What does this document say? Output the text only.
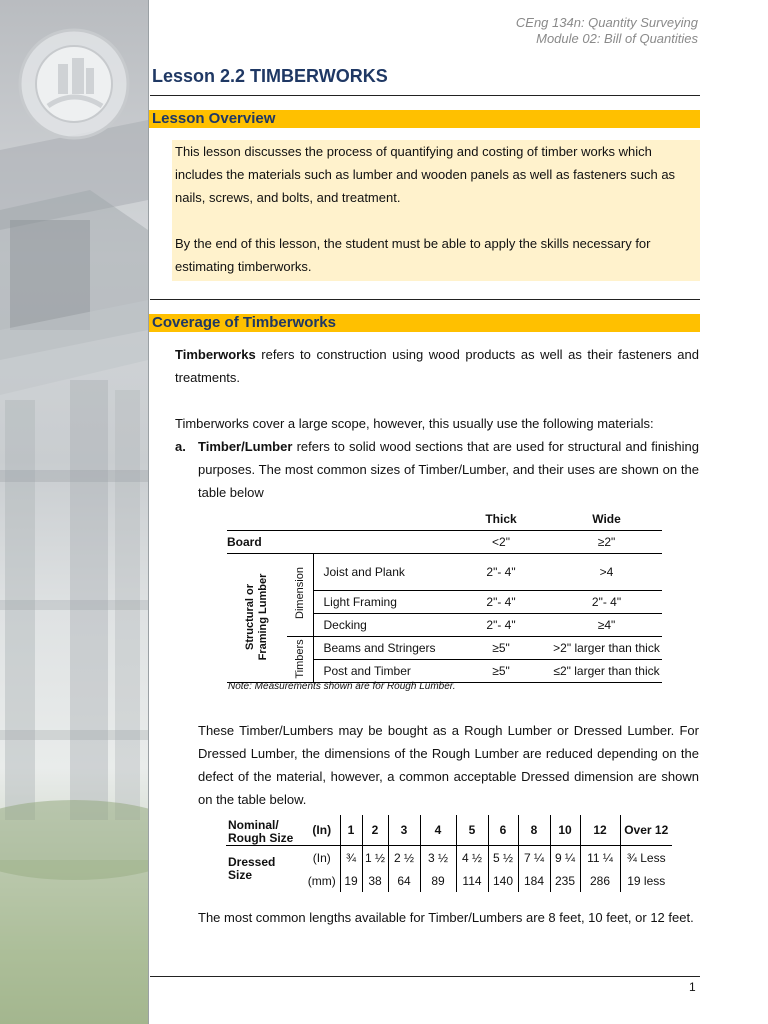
CEng 134n: Quantity Surveying
Module 02: Bill of Quantities
Lesson 2.2 TIMBERWORKS
Lesson Overview

This lesson discusses the process of quantifying and costing of timber works which includes the materials such as lumber and wooden panels as well as fasteners such as nails, screws, and bolts, and treatment.

By the end of this lesson, the student must be able to apply the skills necessary for estimating timberworks.

Coverage of Timberworks

Timberworks refers to construction using wood products as well as their fasteners and treatments.

Timberworks cover a large scope, however, this usually use the following materials:
a. Timber/Lumber refers to solid wood sections that are used for structural and finishing purposes. The most common sizes of Timber/Lumber, and their uses are shown on the table below

			Thick	Wide
Board			<2"	≥2"

Structural or Framing Lumber	Dimension	Joist and Plank	2"- 4"	>4
		Light Framing	2"- 4"	2"- 4"
		Decking	2"- 4"	≥4"

	Timbers	Beams and Stringers	≥5"	>2" larger than thick
		Post and Timber	≥5"	≤2" larger than thick
Note: Measurements shown are for Rough Lumber.
These Timber/Lumbers may be bought as a Rough Lumber or Dressed Lumber. For Dressed Lumber, the dimensions of the Rough Lumber are reduced depending on the defect of the material, however, a common acceptable Dressed dimension are shown on the table below.
Nominal/
Rough Size	(In)	1	2	3	4	5	6	8	10	12	Over 12

Dressed
Size	(In)	¾	1 ½	2 ½	3 ½	4 ½	5 ½	7 ¼	9 ¼	11 ¼	¾ Less
	(mm)	19	38	64	89	114	140	184	235	286	19 less
The most common lengths available for Timber/Lumbers are 8 feet, 10 feet, or 12 feet.
1
